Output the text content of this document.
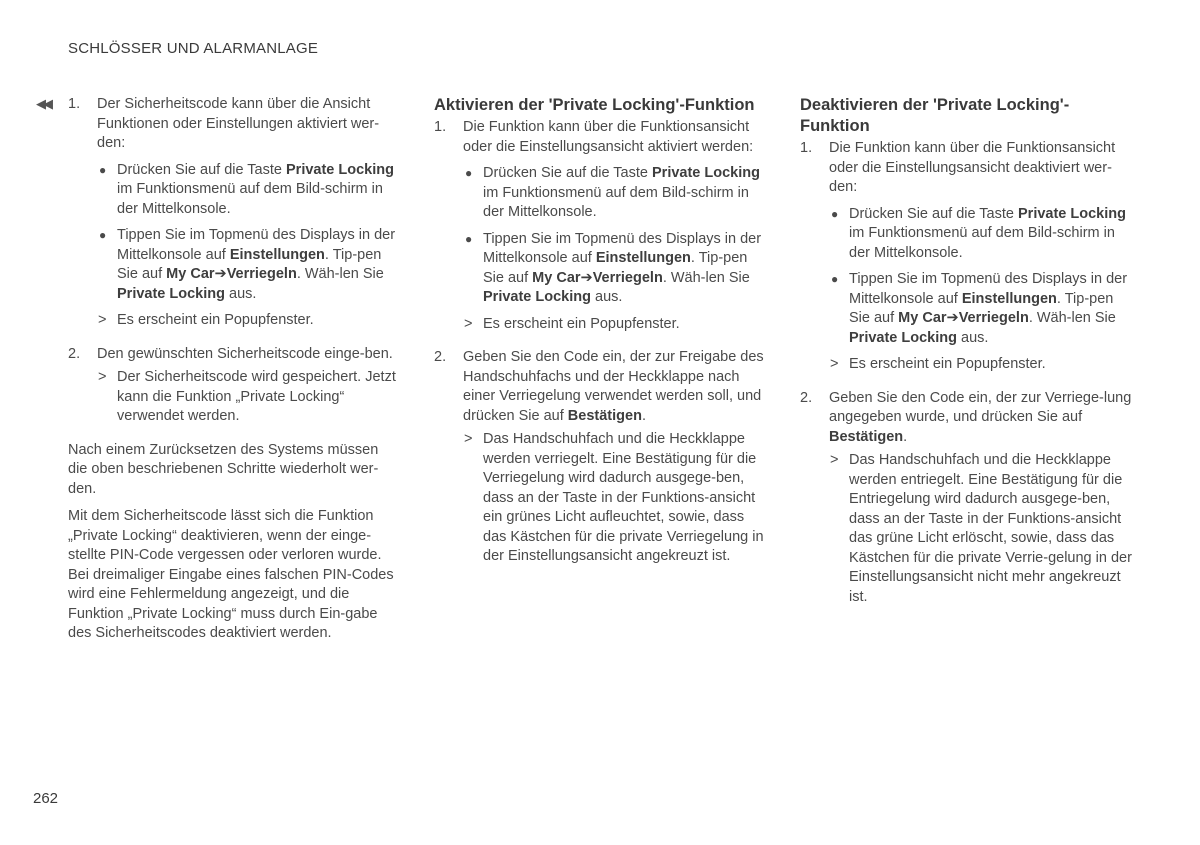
SCHLÖSSER UND ALARMANLAGE
◀◀ 1. Der Sicherheitscode kann über die Ansicht Funktionen oder Einstellungen aktiviert wer-den:
● Drücken Sie auf die Taste Private Locking im Funktionsmenü auf dem Bild-schirm in der Mittelkonsole.
● Tippen Sie im Topmenü des Displays in der Mittelkonsole auf Einstellungen. Tip-pen Sie auf My Car➔Verriegeln. Wäh-len Sie Private Locking aus.
> Es erscheint ein Popupfenster.
2. Den gewünschten Sicherheitscode einge-ben.
> Der Sicherheitscode wird gespeichert. Jetzt kann die Funktion „Private Locking“ verwendet werden.

Nach einem Zurücksetzen des Systems müssen die oben beschriebenen Schritte wiederholt wer-den.

Mit dem Sicherheitscode lässt sich die Funktion „Private Locking“ deaktivieren, wenn der einge-stellte PIN-Code vergessen oder verloren wurde. Bei dreimaliger Eingabe eines falschen PIN-Codes wird eine Fehlermeldung angezeigt, und die Funktion „Private Locking“ muss durch Ein-gabe des Sicherheitscodes deaktiviert werden.

Aktivieren der 'Private Locking'-Funktion
1. Die Funktion kann über die Funktionsansicht oder die Einstellungsansicht aktiviert werden:
● Drücken Sie auf die Taste Private Locking im Funktionsmenü auf dem Bild-schirm in der Mittelkonsole.
● Tippen Sie im Topmenü des Displays in der Mittelkonsole auf Einstellungen. Tip-pen Sie auf My Car➔Verriegeln. Wäh-len Sie Private Locking aus.
> Es erscheint ein Popupfenster.
2. Geben Sie den Code ein, der zur Freigabe des Handschuhfachs und der Heckklappe nach einer Verriegelung verwendet werden soll, und drücken Sie auf Bestätigen.
> Das Handschuhfach und die Heckklappe werden verriegelt. Eine Bestätigung für die Verriegelung wird dadurch ausgege-ben, dass an der Taste in der Funktions-ansicht ein grünes Licht aufleuchtet, sowie, dass das Kästchen für die private Verriegelung in der Einstellungsansicht angekreuzt ist.
Deaktivieren der 'Private Locking'-Funktion
1. Die Funktion kann über die Funktionsansicht oder die Einstellungsansicht deaktiviert wer-den:
● Drücken Sie auf die Taste Private Locking im Funktionsmenü auf dem Bild-schirm in der Mittelkonsole.
● Tippen Sie im Topmenü des Displays in der Mittelkonsole auf Einstellungen. Tip-pen Sie auf My Car➔Verriegeln. Wäh-len Sie Private Locking aus.
> Es erscheint ein Popupfenster.
2. Geben Sie den Code ein, der zur Verriege-lung angegeben wurde, und drücken Sie auf Bestätigen.
> Das Handschuhfach und die Heckklappe werden entriegelt. Eine Bestätigung für die Entriegelung wird dadurch ausgege-ben, dass an der Taste in der Funktions-ansicht das grüne Licht erlöscht, sowie, dass das Kästchen für die private Verrie-gelung in der Einstellungsansicht nicht mehr angekreuzt ist.
262
